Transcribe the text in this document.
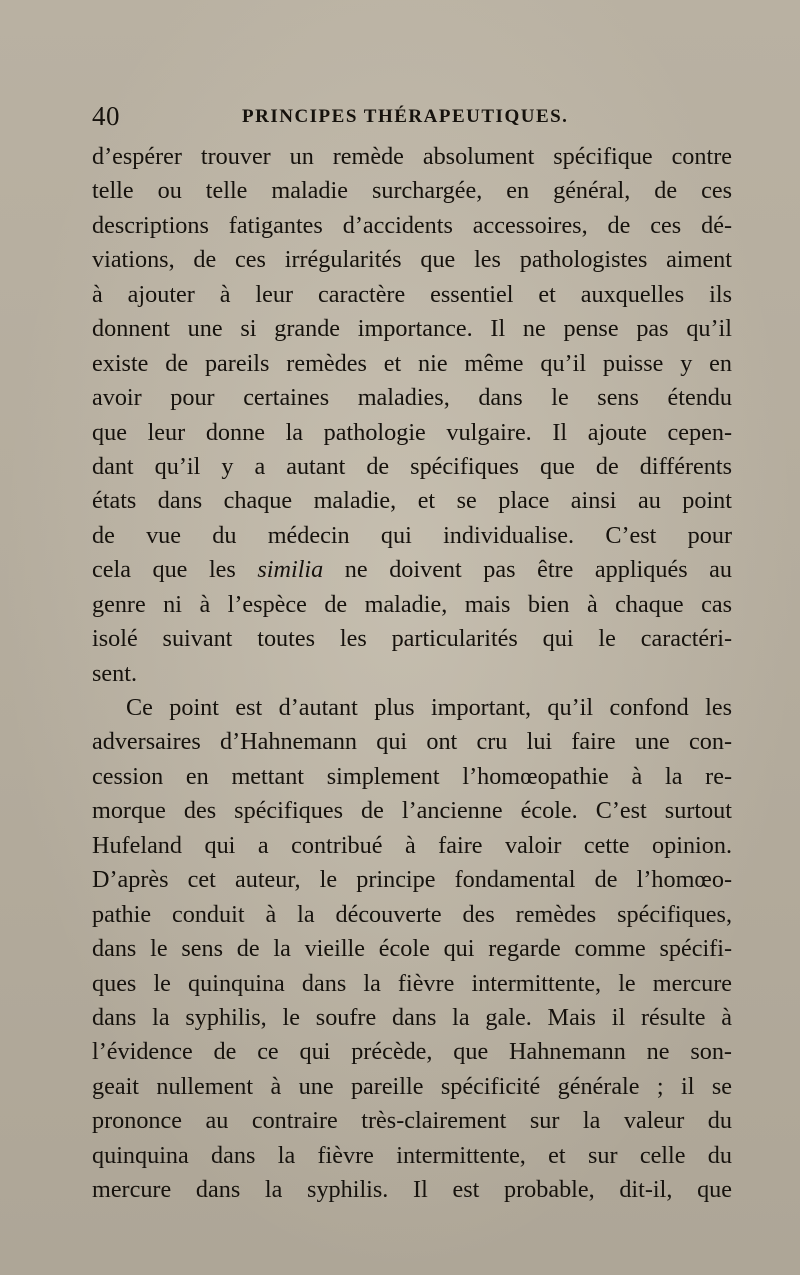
40	PRINCIPES THÉRAPEUTIQUES.
d’espérer trouver un remède absolument spécifique contre
telle ou telle maladie surchargée, en général, de ces
descriptions fatigantes d’accidents accessoires, de ces dé-
viations, de ces irrégularités que les pathologistes aiment
à ajouter à leur caractère essentiel et auxquelles ils
donnent une si grande importance. Il ne pense pas qu’il
existe de pareils remèdes et nie même qu’il puisse y en
avoir pour certaines maladies, dans le sens étendu
que leur donne la pathologie vulgaire. Il ajoute cepen-
dant qu’il y a autant de spécifiques que de différents
états dans chaque maladie, et se place ainsi au point
de vue du médecin qui individualise. C’est pour
cela que les similia ne doivent pas être appliqués au
genre ni à l’espèce de maladie, mais bien à chaque cas
isolé suivant toutes les particularités qui le caractéri-
sent.
Ce point est d’autant plus important, qu’il confond les
adversaires d’Hahnemann qui ont cru lui faire une con-
cession en mettant simplement l’homœopathie à la re-
morque des spécifiques de l’ancienne école. C’est surtout
Hufeland qui a contribué à faire valoir cette opinion.
D’après cet auteur, le principe fondamental de l’homœo-
pathie conduit à la découverte des remèdes spécifiques,
dans le sens de la vieille école qui regarde comme spécifi-
ques le quinquina dans la fièvre intermittente, le mercure
dans la syphilis, le soufre dans la gale. Mais il résulte à
l’évidence de ce qui précède, que Hahnemann ne son-
geait nullement à une pareille spécificité générale ; il se
prononce au contraire très-clairement sur la valeur du
quinquina dans la fièvre intermittente, et sur celle du
mercure dans la syphilis. Il est probable, dit-il, que
